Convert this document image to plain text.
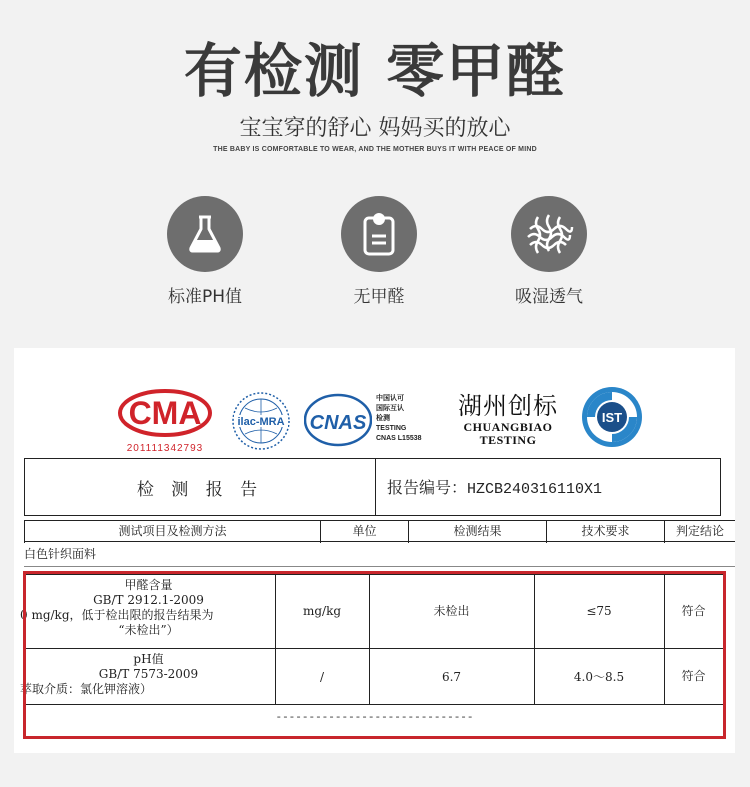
有检测 零甲醛
宝宝穿的舒心 妈妈买的放心
THE BABY IS COMFORTABLE TO WEAR, AND THE MOTHER BUYS IT WITH PEACE OF MIND
标准PH值	无甲醛	吸湿透气
CMA
201111342793
ilac-MRA CNAS
中国认可
国际互认
检测
TESTING
CNAS L15538
湖州创标
CHUANGBIAO
TESTING
IST
检 测 报 告	报告编号：HZCB240316110X1
测试项目及检测方法	单位	检测结果	技术要求	判定结论
白色针织面料
甲醛含量
GB/T 2912.1-2009
0 mg/kg，低于检出限的报告结果为
“未检出”）
mg/kg	未检出	≤75	符合
pH值
GB/T 7573-2009
萃取介质：氯化钾溶液）
/	6.7	4.0～8.5	符合
------------------------------
